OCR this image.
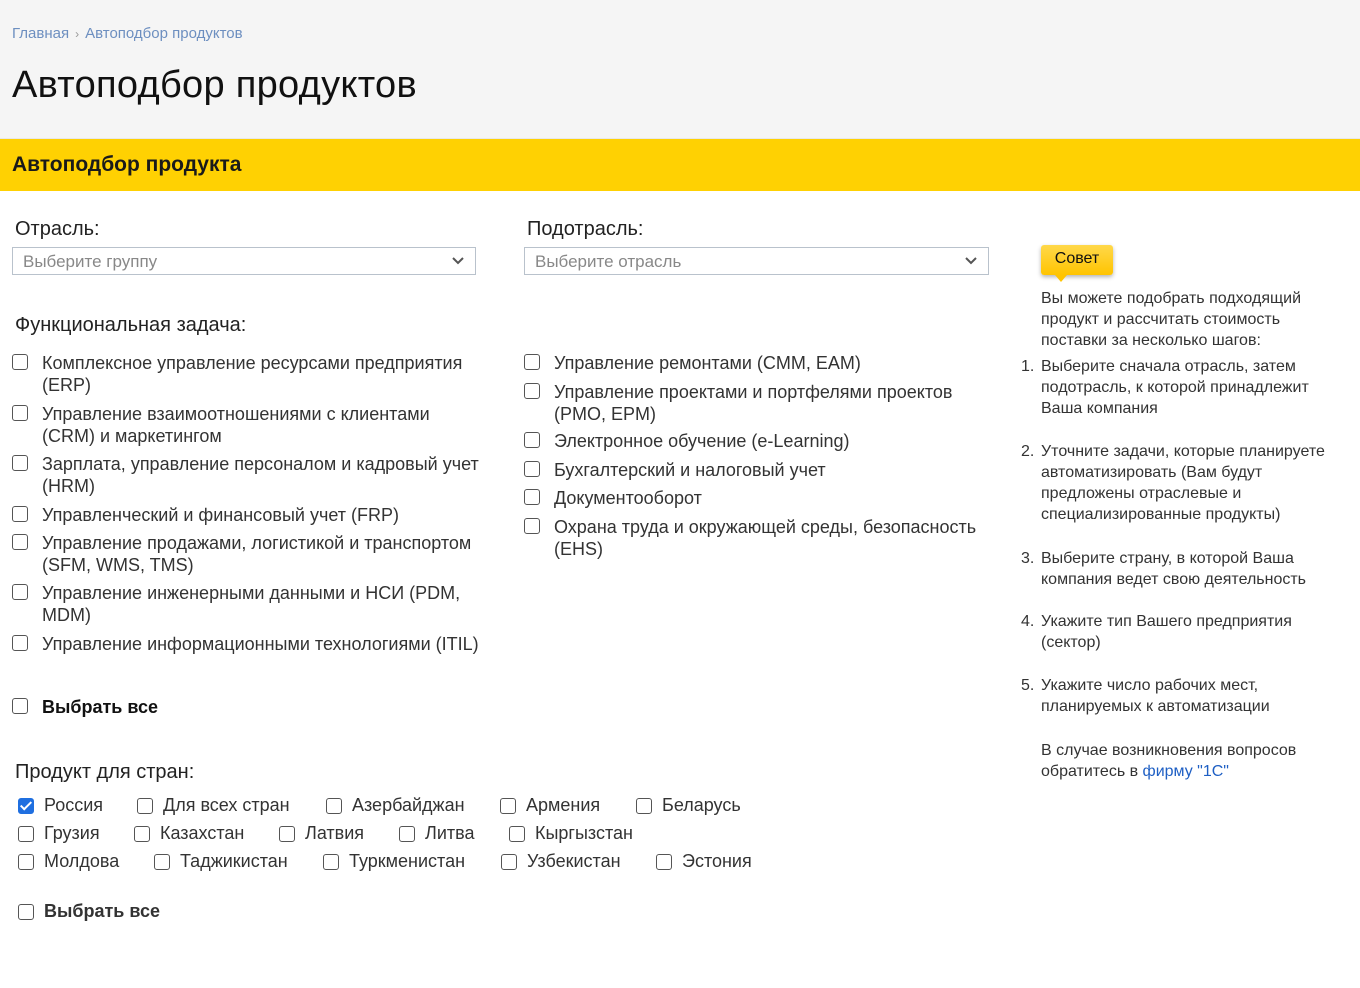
Главная › Автоподбор продуктов
Автоподбор продуктов
Автоподбор продукта
Отрасль:
Выберите группу
Подотрасль:
Выберите отрасль
Функциональная задача:
Комплексное управление ресурсами предприятия (ERP)
Управление взаимоотношениями с клиентами (CRM) и маркетингом
Зарплата, управление персоналом и кадровый учет (HRM)
Управленческий и финансовый учет (FRP)
Управление продажами, логистикой и транспортом (SFM, WMS, TMS)
Управление инженерными данными и НСИ (PDM, MDM)
Управление информационными технологиями (ITIL)
Управление ремонтами (CMM, EAM)
Управление проектами и портфелями проектов (PMO, EPM)
Электронное обучение (e-Learning)
Бухгалтерский и налоговый учет
Документооборот
Охрана труда и окружающей среды, безопасность (EHS)
Выбрать все
Продукт для стран:
Россия	Для всех стран	Азербайджан	Армения	Беларусь
Грузия	Казахстан	Латвия	Литва	Кыргызстан
Молдова	Таджикистан	Туркменистан	Узбекистан	Эстония
Выбрать все
Совет
Вы можете подобрать подходящий продукт и рассчитать стоимость поставки за несколько шагов:
1. Выберите сначала отрасль, затем подотрасль, к которой принадлежит Ваша компания
2. Уточните задачи, которые планируете автоматизировать (Вам будут предложены отраслевые и специализированные продукты)
3. Выберите страну, в которой Ваша компания ведет свою деятельность
4. Укажите тип Вашего предприятия (сектор)
5. Укажите число рабочих мест, планируемых к автоматизации
В случае возникновения вопросов обратитесь в фирму "1С"
